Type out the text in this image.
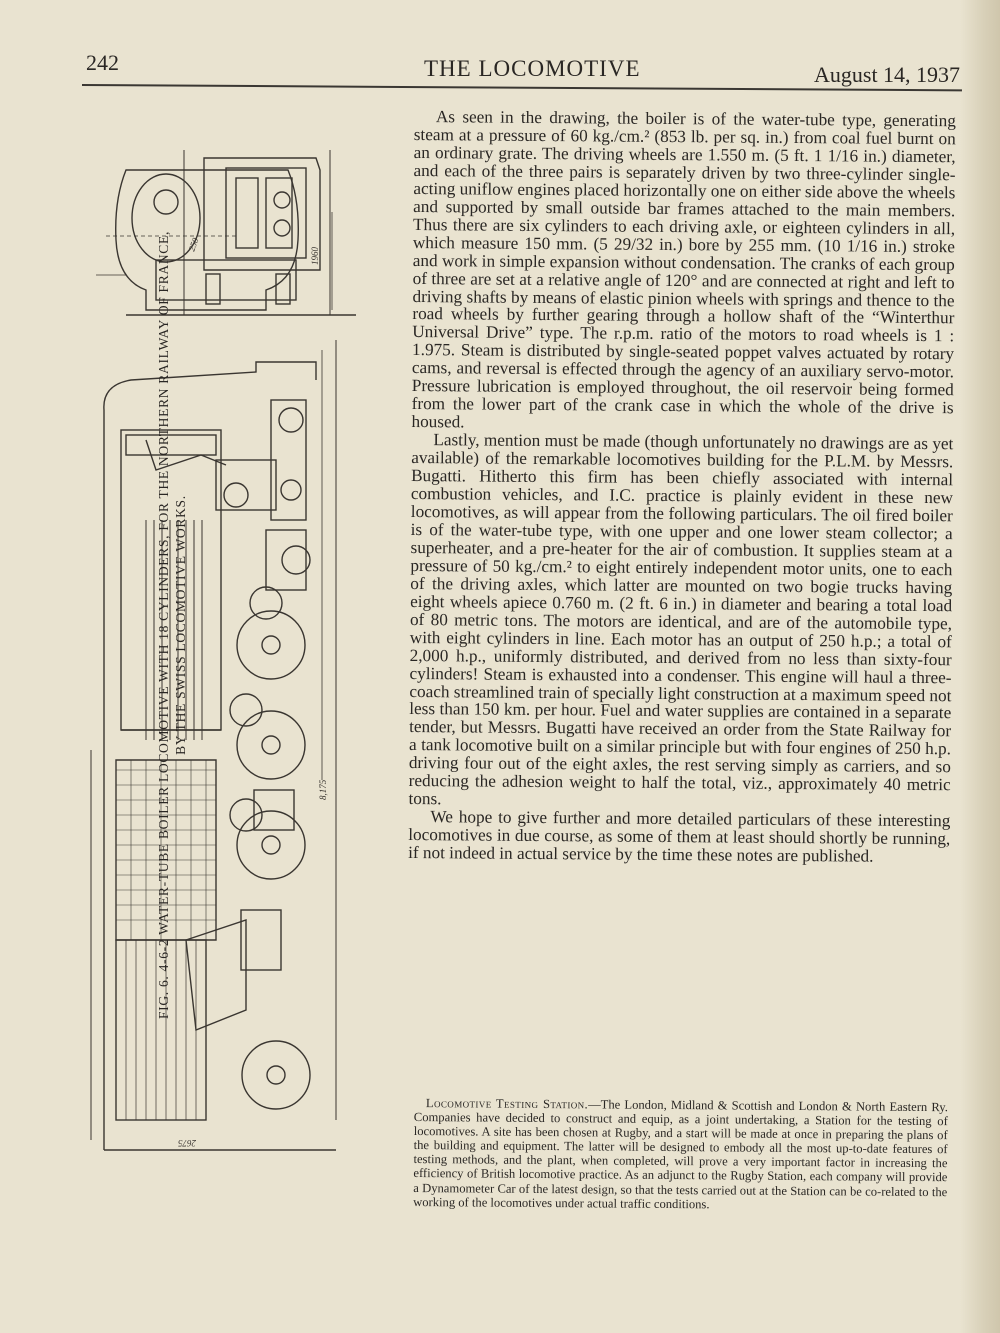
242	THE LOCOMOTIVE	August 14, 1937
1960
250
8,175
2675
FIG. 6. 4-6-2 WATER-TUBE BOILER LOCOMOTIVE WITH 18 CYLINDERS, FOR THE NORTHERN RAILWAY OF FRANCE, BY THE SWISS LOCOMOTIVE WORKS.

As seen in the drawing, the boiler is of the water-tube type, generating steam at a pressure of 60 kg./cm.² (853 lb. per sq. in.) from coal fuel burnt on an ordinary grate. The driving wheels are 1.550 m. (5 ft. 1 1/16 in.) diameter, and each of the three pairs is separately driven by two three-cylinder single-acting uniflow engines placed horizontally one on either side above the wheels and supported by small outside bar frames attached to the main members. Thus there are six cylinders to each driving axle, or eighteen cylinders in all, which measure 150 mm. (5 29/32 in.) bore by 255 mm. (10 1/16 in.) stroke and work in simple expansion without condensation. The cranks of each group of three are set at a relative angle of 120° and are connected at right and left to driving shafts by means of elastic pinion wheels with springs and thence to the road wheels by further gearing through a hollow shaft of the “Winterthur Universal Drive” type. The r.p.m. ratio of the motors to road wheels is 1 : 1.975. Steam is distributed by single-seated poppet valves actuated by rotary cams, and reversal is effected through the agency of an auxiliary servo-motor. Pressure lubrication is employed throughout, the oil reservoir being formed from the lower part of the crank case in which the whole of the drive is housed.

Lastly, mention must be made (though unfortunately no drawings are as yet available) of the remarkable locomotives building for the P.L.M. by Messrs. Bugatti. Hitherto this firm has been chiefly associated with internal combustion vehicles, and I.C. practice is plainly evident in these new locomotives, as will appear from the following particulars. The oil fired boiler is of the water-tube type, with one upper and one lower steam collector; a superheater, and a pre-heater for the air of combustion. It supplies steam at a pressure of 50 kg./cm.² to eight entirely independent motor units, one to each of the driving axles, which latter are mounted on two bogie trucks having eight wheels apiece 0.760 m. (2 ft. 6 in.) in diameter and bearing a total load of 80 metric tons. The motors are identical, and are of the automobile type, with eight cylinders in line. Each motor has an output of 250 h.p.; a total of 2,000 h.p., uniformly distributed, and derived from no less than sixty-four cylinders! Steam is exhausted into a condenser. This engine will haul a three-coach streamlined train of specially light construction at a maximum speed not less than 150 km. per hour. Fuel and water supplies are contained in a separate tender, but Messrs. Bugatti have received an order from the State Railway for a tank locomotive built on a similar principle but with four engines of 250 h.p. driving four out of the eight axles, the rest serving simply as carriers, and so reducing the adhesion weight to half the total, viz., approximately 40 metric tons.

We hope to give further and more detailed particulars of these interesting locomotives in due course, as some of them at least should shortly be running, if not indeed in actual service by the time these notes are published.

Locomotive Testing Station.—The London, Midland & Scottish and London & North Eastern Ry. Companies have decided to construct and equip, as a joint undertaking, a Station for the testing of locomotives. A site has been chosen at Rugby, and a start will be made at once in preparing the plans of the building and equipment. The latter will be designed to embody all the most up-to-date features of testing methods, and the plant, when completed, will prove a very important factor in increasing the efficiency of British locomotive practice. As an adjunct to the Rugby Station, each company will provide a Dynamometer Car of the latest design, so that the tests carried out at the Station can be co-related to the working of the locomotives under actual traffic conditions.
